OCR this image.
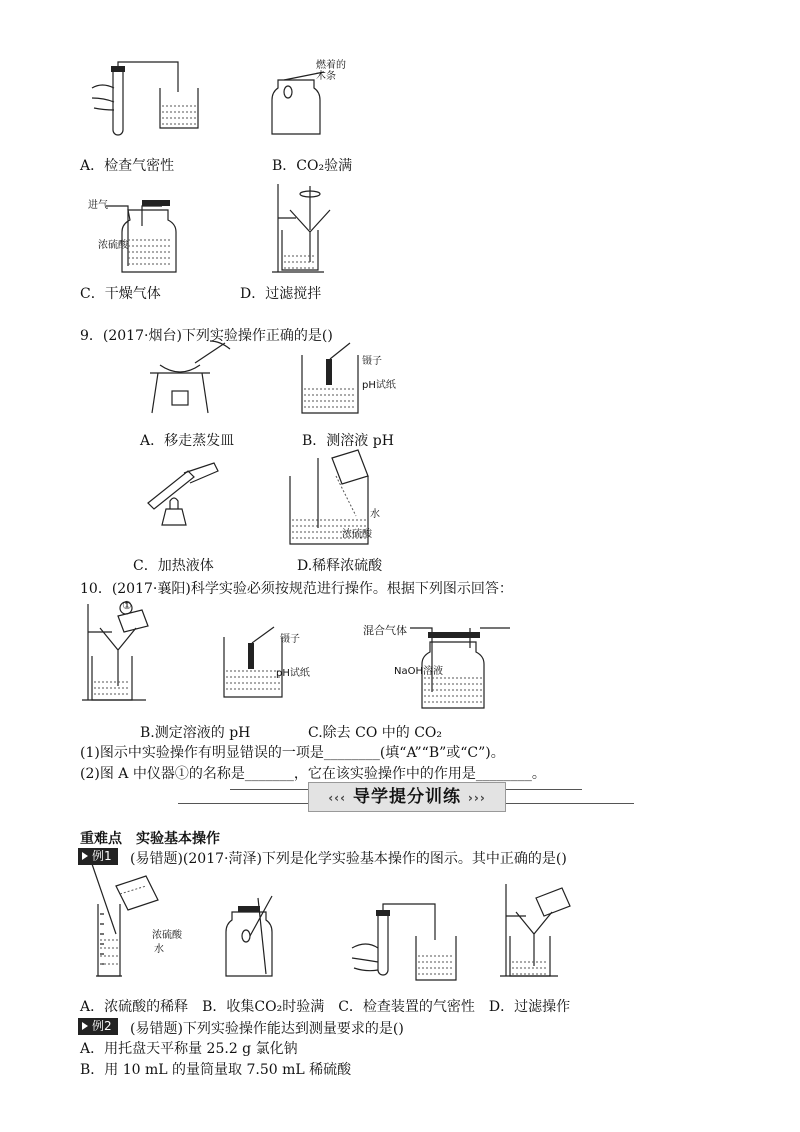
燃着的
木条
A．检查气密性	B．CO₂验满
进气
浓硫酸
C．干燥气体	D．过滤搅拌
9．(2017·烟台)下列实验操作正确的是()
镊子
pH试纸
A．移走蒸发皿	B．测溶液 pH
水
浓硫酸
C．加热液体	D.稀释浓硫酸
10．(2017·襄阳)科学实验必须按规范进行操作。根据下列图示回答：
①
镊子
pH试纸
混合气体
NaOH溶液
B.测定溶液的 pH	C.除去 CO 中的 CO₂
(1)图示中实验操作有明显错误的一项是________(填“A”“B”或“C”)。
(2)图 A 中仪器①的名称是_______，它在该实验操作中的作用是________。
‹‹‹ 导学提分训练 ›››
重难点　实验基本操作
例1	(易错题)(2017·菏泽)下列是化学实验基本操作的图示。其中正确的是()
浓硫酸
水
A．浓硫酸的稀释　B．收集CO₂时验满　C．检查装置的气密性　D．过滤操作
例2	(易错题)下列实验操作能达到测量要求的是()
A．用托盘天平称量 25.2 g 氯化钠
B．用 10 mL 的量筒量取 7.50 mL 稀硫酸
